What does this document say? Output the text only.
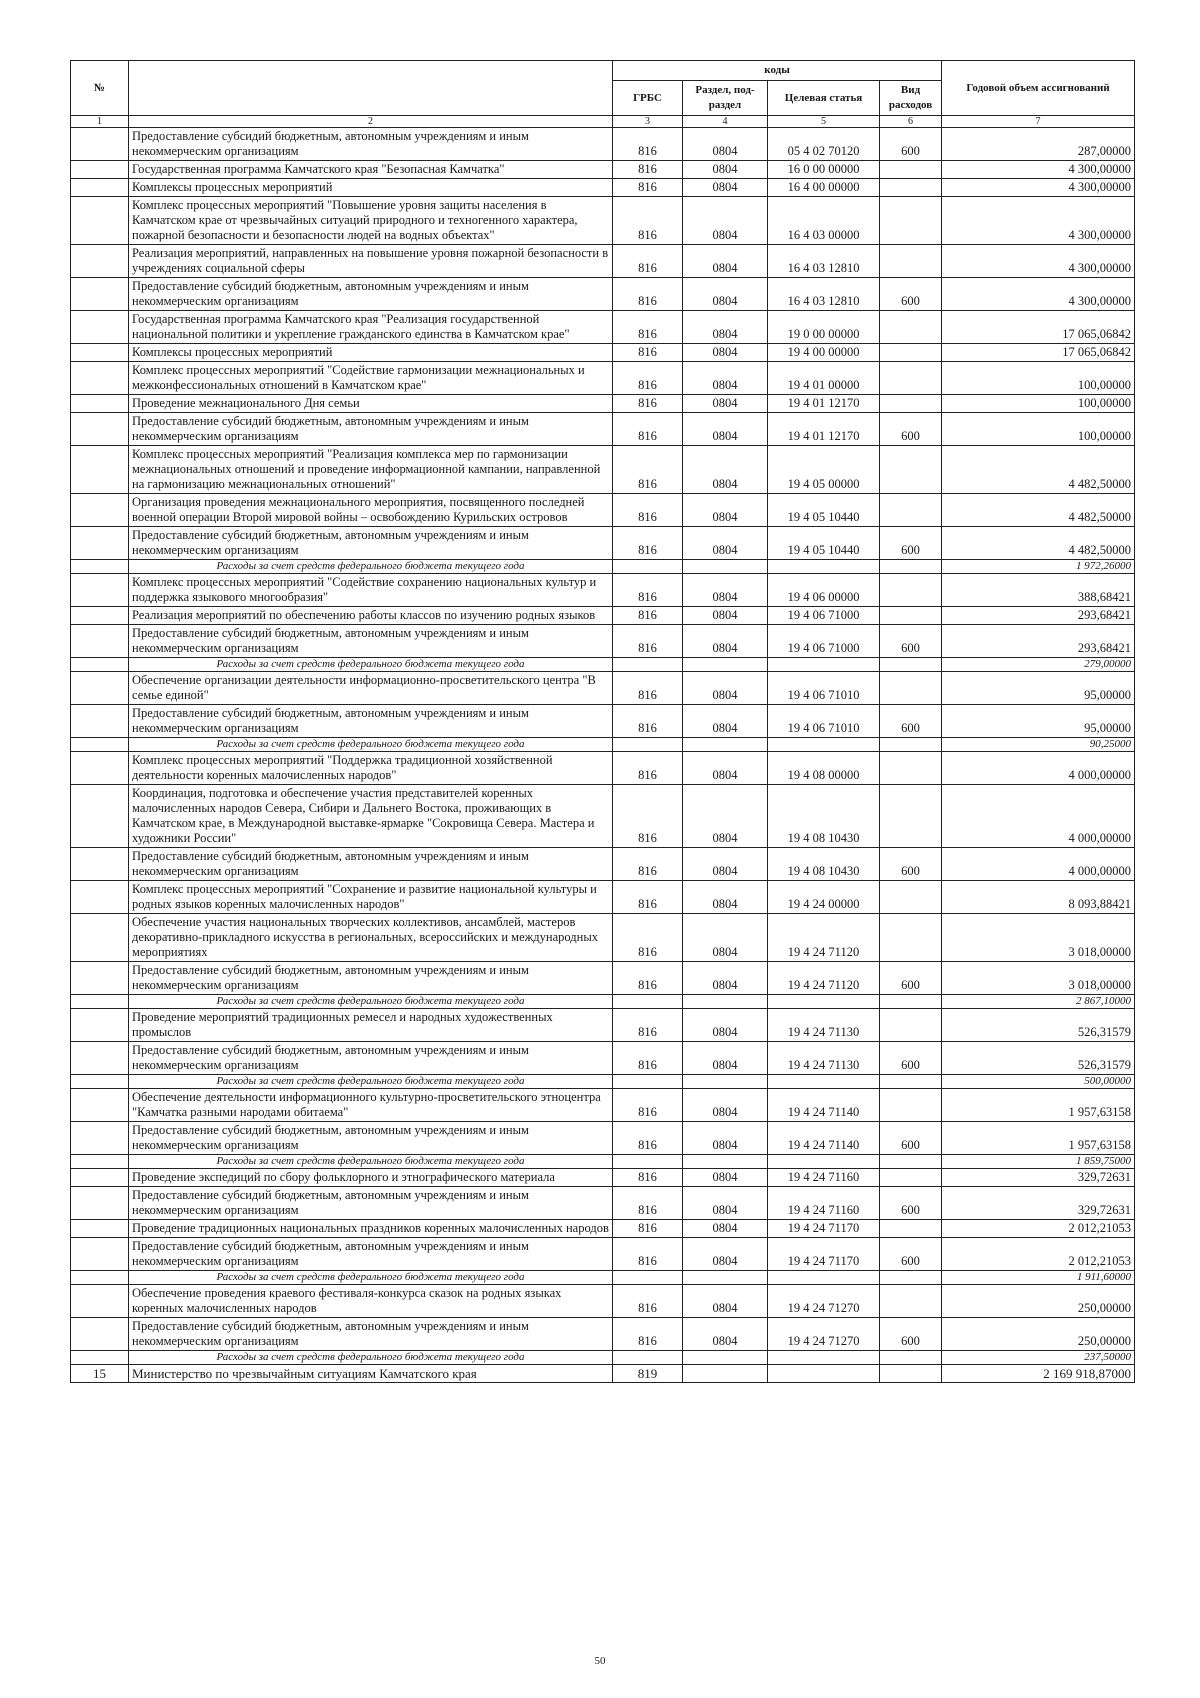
№		коды				Годовой объем ассигнований
		ГРБС	Раздел, под-раздел	Целевая статья	Вид расходов	
1	2	3	4	5	6	7
	Предоставление субсидий бюджетным, автономным учреждениям и иным некоммерческим организациям	816	0804	05 4 02 70120	600	287,00000
	Государственная программа Камчатского края "Безопасная Камчатка"	816	0804	16 0 00 00000		4 300,00000
	Комплексы процессных мероприятий	816	0804	16 4 00 00000		4 300,00000
	Комплекс процессных мероприятий "Повышение уровня защиты населения в Камчатском крае от чрезвычайных ситуаций природного и техногенного характера, пожарной безопасности и безопасности людей на водных объектах"	816	0804	16 4 03 00000		4 300,00000
	Реализация мероприятий, направленных на повышение уровня пожарной безопасности в учреждениях социальной сферы	816	0804	16 4 03 12810		4 300,00000
	Предоставление субсидий бюджетным, автономным учреждениям и иным некоммерческим организациям	816	0804	16 4 03 12810	600	4 300,00000
	Государственная программа Камчатского края "Реализация государственной национальной политики и укрепление гражданского единства в Камчатском крае"	816	0804	19 0 00 00000		17 065,06842
	Комплексы процессных мероприятий	816	0804	19 4 00 00000		17 065,06842
	Комплекс процессных мероприятий "Содействие гармонизации межнациональных и межконфессиональных отношений в Камчатском крае"	816	0804	19 4 01 00000		100,00000
	Проведение межнационального Дня семьи	816	0804	19 4 01 12170		100,00000
	Предоставление субсидий бюджетным, автономным учреждениям и иным некоммерческим организациям	816	0804	19 4 01 12170	600	100,00000
	Комплекс процессных мероприятий "Реализация комплекса мер по гармонизации межнациональных отношений и проведение информационной кампании, направленной на гармонизацию межнациональных отношений"	816	0804	19 4 05 00000		4 482,50000
	Организация проведения межнационального мероприятия, посвященного последней военной операции Второй мировой войны – освобождению Курильских островов	816	0804	19 4 05 10440		4 482,50000
	Предоставление субсидий бюджетным, автономным учреждениям и иным некоммерческим организациям	816	0804	19 4 05 10440	600	4 482,50000
	Расходы за счет средств федерального бюджета текущего года					1 972,26000
	Комплекс процессных мероприятий "Содействие сохранению национальных культур и поддержка языкового многообразия"	816	0804	19 4 06 00000		388,68421
	Реализация мероприятий по обеспечению работы классов по изучению родных языков	816	0804	19 4 06 71000		293,68421
	Предоставление субсидий бюджетным, автономным учреждениям и иным некоммерческим организациям	816	0804	19 4 06 71000	600	293,68421
	Расходы за счет средств федерального бюджета текущего года					279,00000
	Обеспечение организации деятельности информационно-просветительского центра "В семье единой"	816	0804	19 4 06 71010		95,00000
	Предоставление субсидий бюджетным, автономным учреждениям и иным некоммерческим организациям	816	0804	19 4 06 71010	600	95,00000
	Расходы за счет средств федерального бюджета текущего года					90,25000
	Комплекс процессных мероприятий "Поддержка традиционной хозяйственной деятельности коренных малочисленных народов"	816	0804	19 4 08 00000		4 000,00000
	Координация, подготовка и обеспечение участия представителей коренных малочисленных народов Севера, Сибири и Дальнего Востока, проживающих в Камчатском крае, в Международной выставке-ярмарке "Сокровища Севера. Мастера и художники России"	816	0804	19 4 08 10430		4 000,00000
	Предоставление субсидий бюджетным, автономным учреждениям и иным некоммерческим организациям	816	0804	19 4 08 10430	600	4 000,00000
	Комплекс процессных мероприятий "Сохранение и развитие национальной культуры и родных языков коренных малочисленных народов"	816	0804	19 4 24 00000		8 093,88421
	Обеспечение участия национальных творческих коллективов, ансамблей, мастеров декоративно-прикладного искусства в региональных, всероссийских и международных мероприятиях	816	0804	19 4 24 71120		3 018,00000
	Предоставление субсидий бюджетным, автономным учреждениям и иным некоммерческим организациям	816	0804	19 4 24 71120	600	3 018,00000
	Расходы за счет средств федерального бюджета текущего года					2 867,10000
	Проведение мероприятий традиционных ремесел и народных художественных промыслов	816	0804	19 4 24 71130		526,31579
	Предоставление субсидий бюджетным, автономным учреждениям и иным некоммерческим организациям	816	0804	19 4 24 71130	600	526,31579
	Расходы за счет средств федерального бюджета текущего года					500,00000
	Обеспечение деятельности информационного культурно-просветительского этноцентра "Камчатка разными народами обитаема"	816	0804	19 4 24 71140		1 957,63158
	Предоставление субсидий бюджетным, автономным учреждениям и иным некоммерческим организациям	816	0804	19 4 24 71140	600	1 957,63158
	Расходы за счет средств федерального бюджета текущего года					1 859,75000
	Проведение экспедиций по сбору фольклорного и этнографического материала	816	0804	19 4 24 71160		329,72631
	Предоставление субсидий бюджетным, автономным учреждениям и иным некоммерческим организациям	816	0804	19 4 24 71160	600	329,72631
	Проведение традиционных национальных праздников коренных малочисленных народов	816	0804	19 4 24 71170		2 012,21053
	Предоставление субсидий бюджетным, автономным учреждениям и иным некоммерческим организациям	816	0804	19 4 24 71170	600	2 012,21053
	Расходы за счет средств федерального бюджета текущего года					1 911,60000
	Обеспечение проведения краевого фестиваля-конкурса сказок на родных языках коренных малочисленных народов	816	0804	19 4 24 71270		250,00000
	Предоставление субсидий бюджетным, автономным учреждениям и иным некоммерческим организациям	816	0804	19 4 24 71270	600	250,00000
	Расходы за счет средств федерального бюджета текущего года					237,50000
15	Министерство по чрезвычайным ситуациям Камчатского края	819				2 169 918,87000
50
